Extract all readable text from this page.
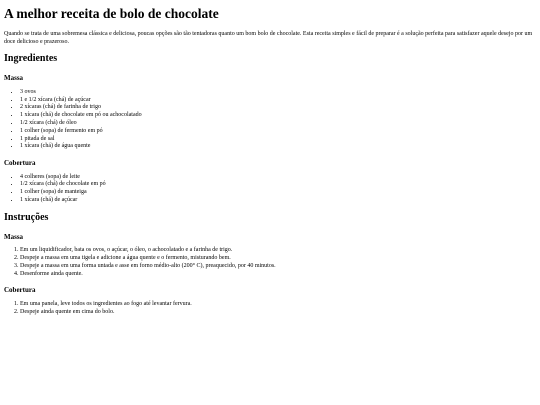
A melhor receita de bolo de chocolate

Quando se trata de uma sobremesa clássica e deliciosa, poucas opções são tão tentadoras quanto um bom bolo de chocolate. Esta receita simples e fácil de preparar é a solução perfeita para satisfazer aquele desejo por um doce delicioso e prazeroso.

Ingredientes
Massa
• 3 ovos
• 1 e 1/2 xícara (chá) de açúcar
• 2 xícaras (chá) de farinha de trigo
• 1 xícara (chá) de chocolate em pó ou achocolatado
• 1/2 xícara (chá) de óleo
• 1 colher (sopa) de fermento em pó
• 1 pitada de sal
• 1 xícara (chá) de água quente
Cobertura
• 4 colheres (sopa) de leite
• 1/2 xícara (chá) de chocolate em pó
• 1 colher (sopa) de manteiga
• 1 xícara (chá) de açúcar
Instruções
Massa
1. Em um liquidificador, bata os ovos, o açúcar, o óleo, o achocolatado e a farinha de trigo.
2. Despeje a massa em uma tigela e adicione a água quente e o fermento, misturando bem.
3. Despeje a massa em uma forma untada e asse em forno médio-alto (200° C), preaquecido, por 40 minutos.
4. Desenforme ainda quente.
Cobertura
1. Em uma panela, leve todos os ingredientes ao fogo até levantar fervura.
2. Despeje ainda quente em cima do bolo.
